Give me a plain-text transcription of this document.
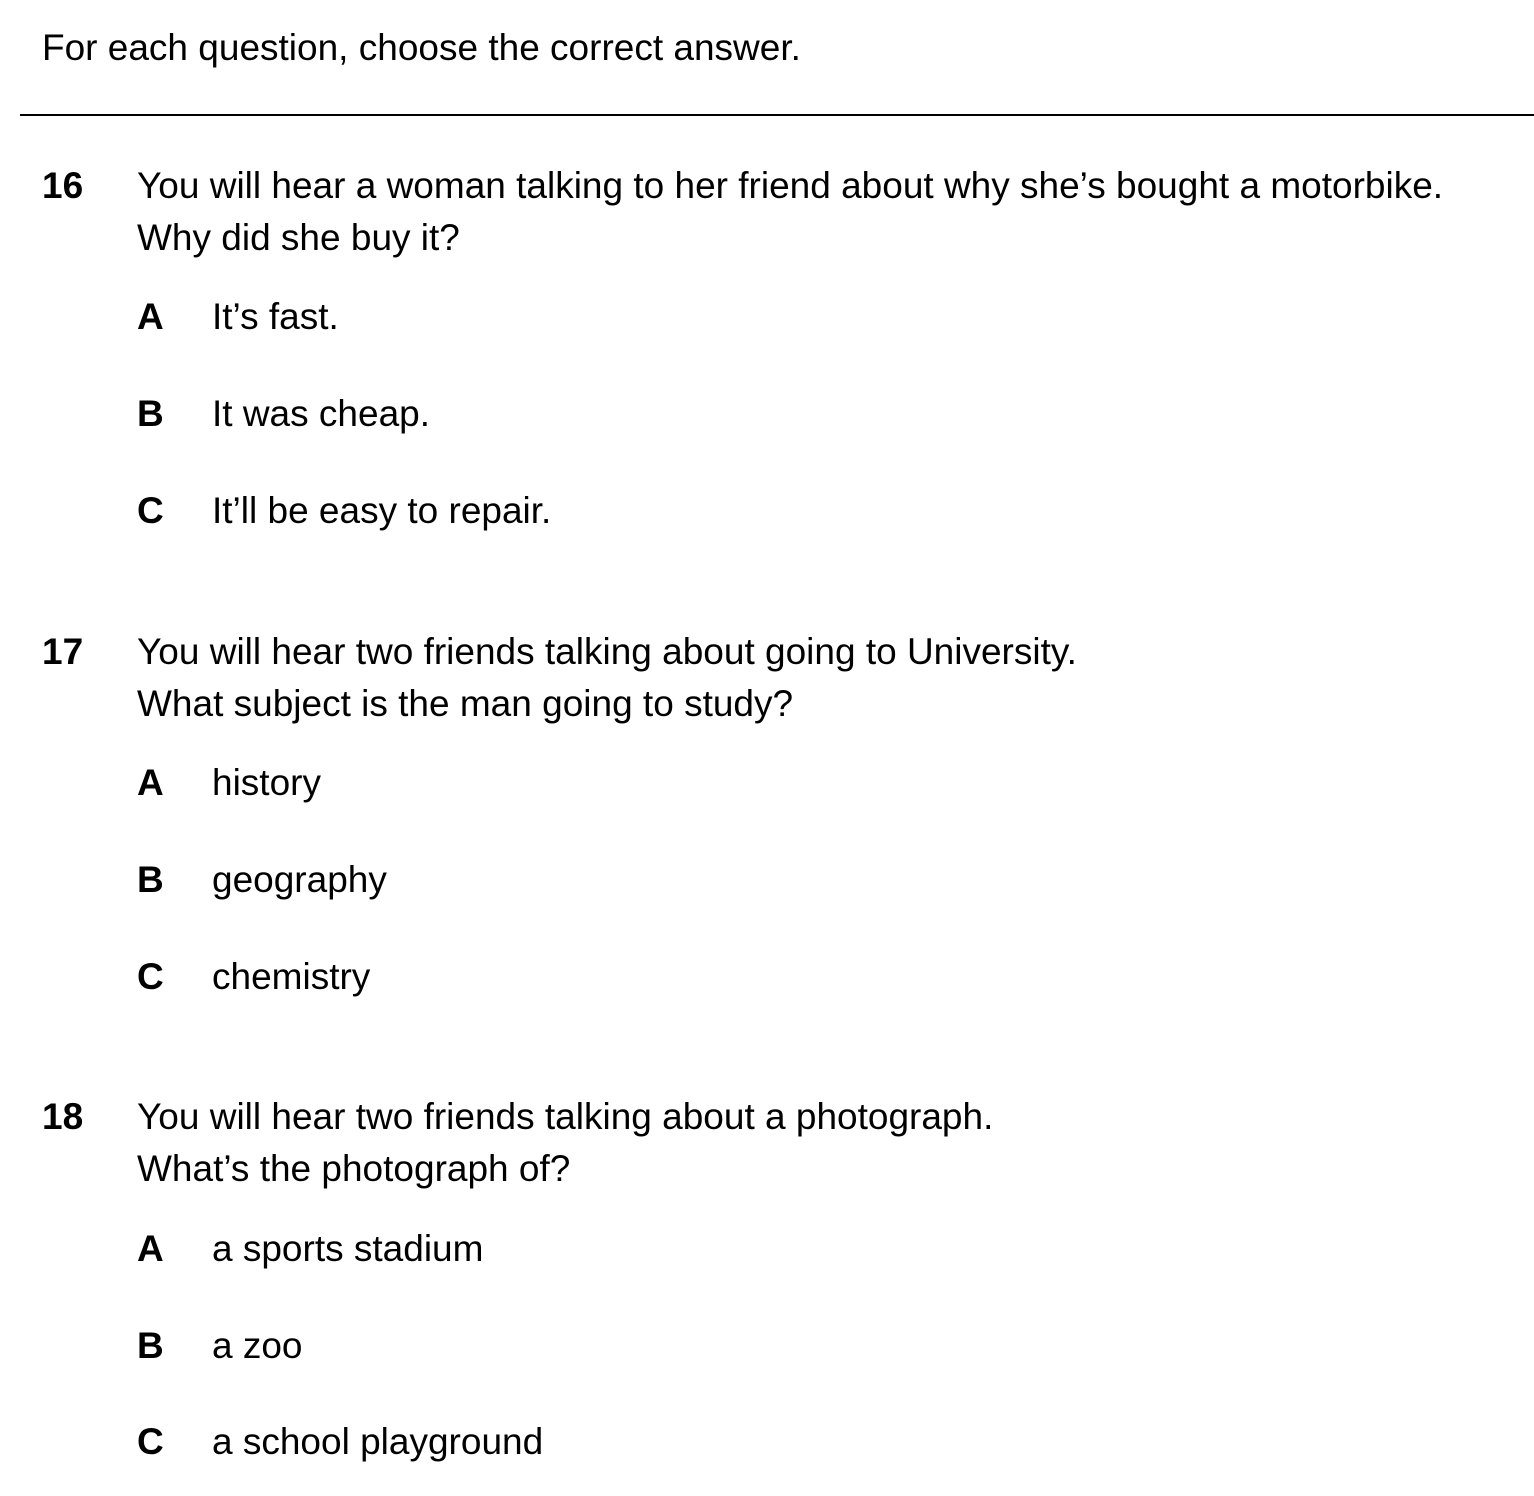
For each question, choose the correct answer.
16 You will hear a woman talking to her friend about why she’s bought a motorbike.
Why did she buy it?
A It’s fast.
B It was cheap.
C It’ll be easy to repair.
17 You will hear two friends talking about going to University.
What subject is the man going to study?
A history
B geography
C chemistry
18 You will hear two friends talking about a photograph.
What’s the photograph of?
A a sports stadium
B a zoo
C a school playground
